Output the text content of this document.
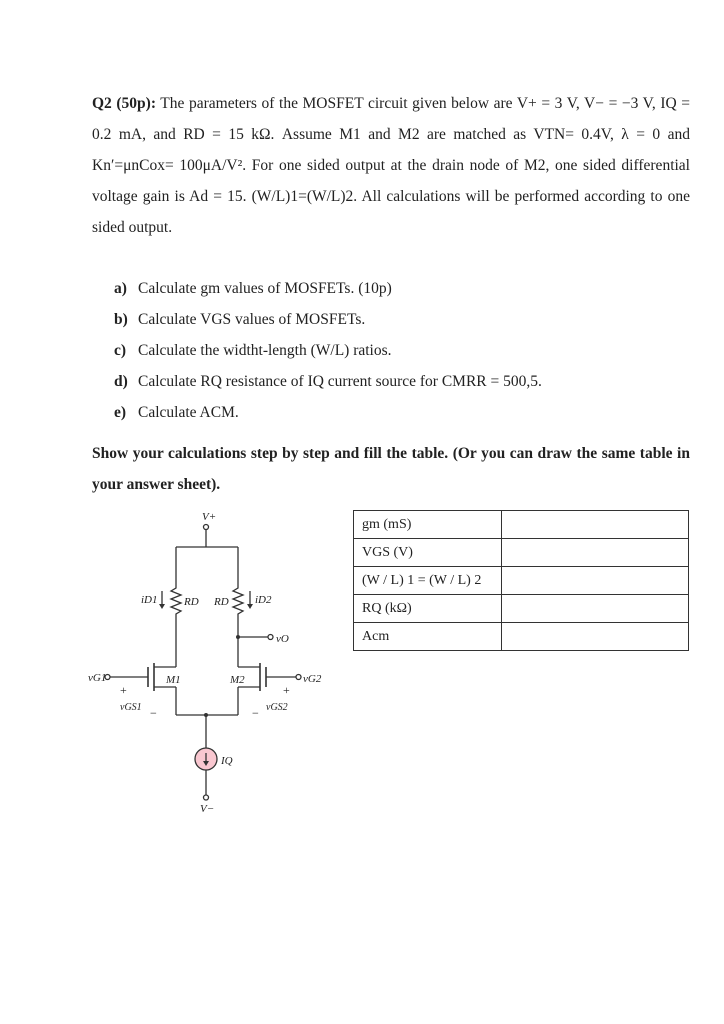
Q2 (50p): The parameters of the MOSFET circuit given below are V+ = 3 V, V− = −3 V, IQ = 0.2 mA, and RD = 15 kΩ. Assume M1 and M2 are matched as VTN= 0.4V, λ = 0 and Kn′=μnCox= 100μA/V². For one sided output at the drain node of M2, one sided differential voltage gain is Ad = 15. (W/L)1=(W/L)2. All calculations will be performed according to one sided output.
a) Calculate gm values of MOSFETs. (10p)
b) Calculate VGS values of MOSFETs.
c) Calculate the widtht-length (W/L) ratios.
d) Calculate RQ resistance of IQ current source for CMRR = 500,5.
e) Calculate ACM.
Show your calculations step by step and fill the table. (Or you can draw the same table in your answer sheet).
gm (mS)	
VGS (V)	
(W / L) 1 = (W / L) 2	
RQ (kΩ)	
Acm	
V+
RD RD
iD1	iD2
vO
vG1	M1
+
vGS1 −
vG2
M2
+
vGS2
−
IQ
V−
